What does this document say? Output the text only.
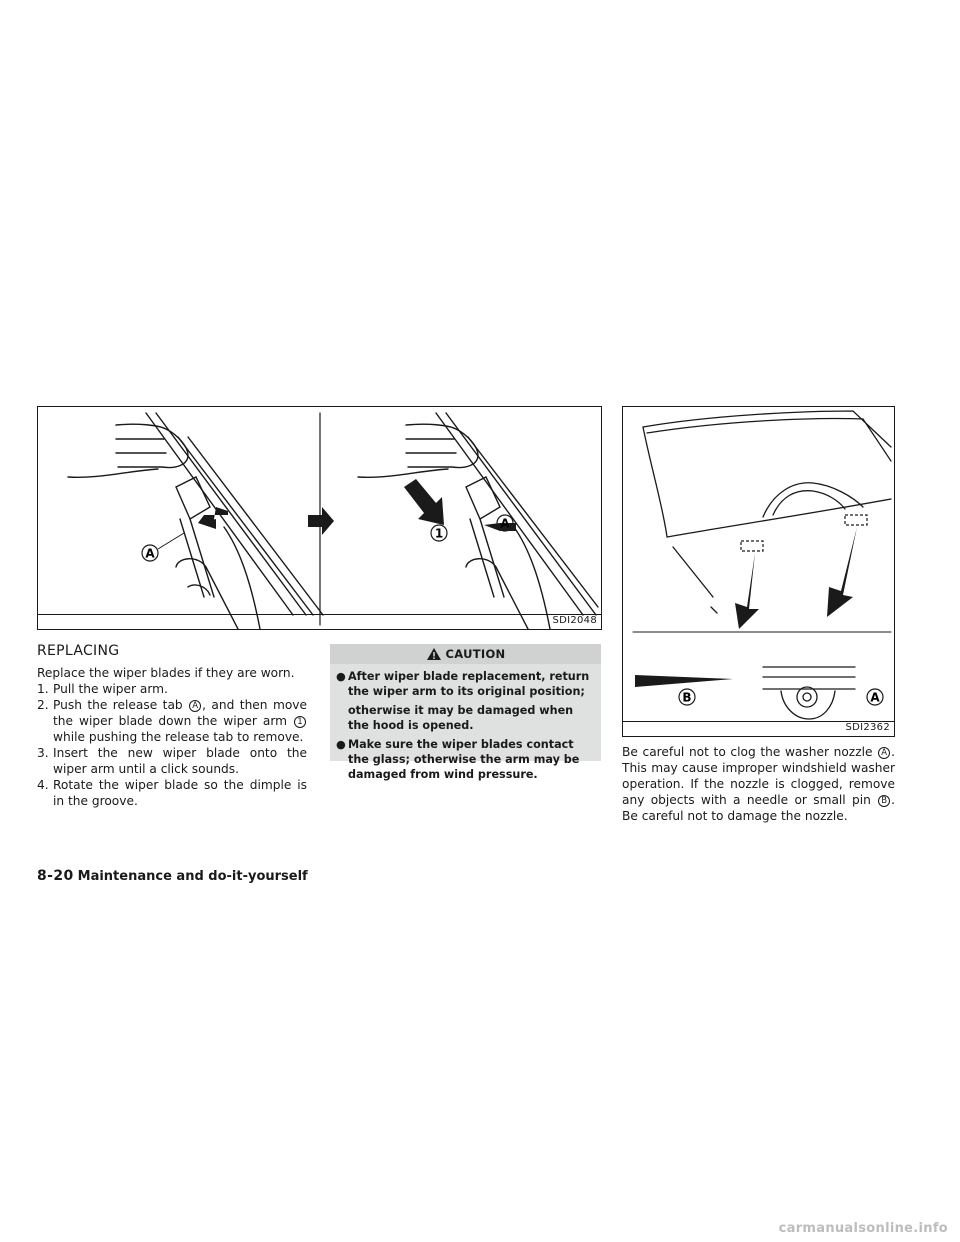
A
1
A
SDI2048
B	A
SDI2362
REPLACING
Replace the wiper blades if they are worn.
1. Pull the wiper arm.
2. Push the release tab A , and then move the wiper blade down the wiper arm 1 while pushing the release tab to remove.
3. Insert the new wiper blade onto the wiper arm until a click sounds.
4. Rotate the wiper blade so the dimple is in the groove.
CAUTION
● After wiper blade replacement, return the wiper arm to its original position;
otherwise it may be damaged when the hood is opened.
● Make sure the wiper blades contact the glass; otherwise the arm may be damaged from wind pressure.
Be careful not to clog the washer nozzle A . This may cause improper windshield washer operation. If the nozzle is clogged, remove any objects with a needle or small pin B . Be careful not to damage the nozzle.
8-20 Maintenance and do-it-yourself
carmanualsonline.info
